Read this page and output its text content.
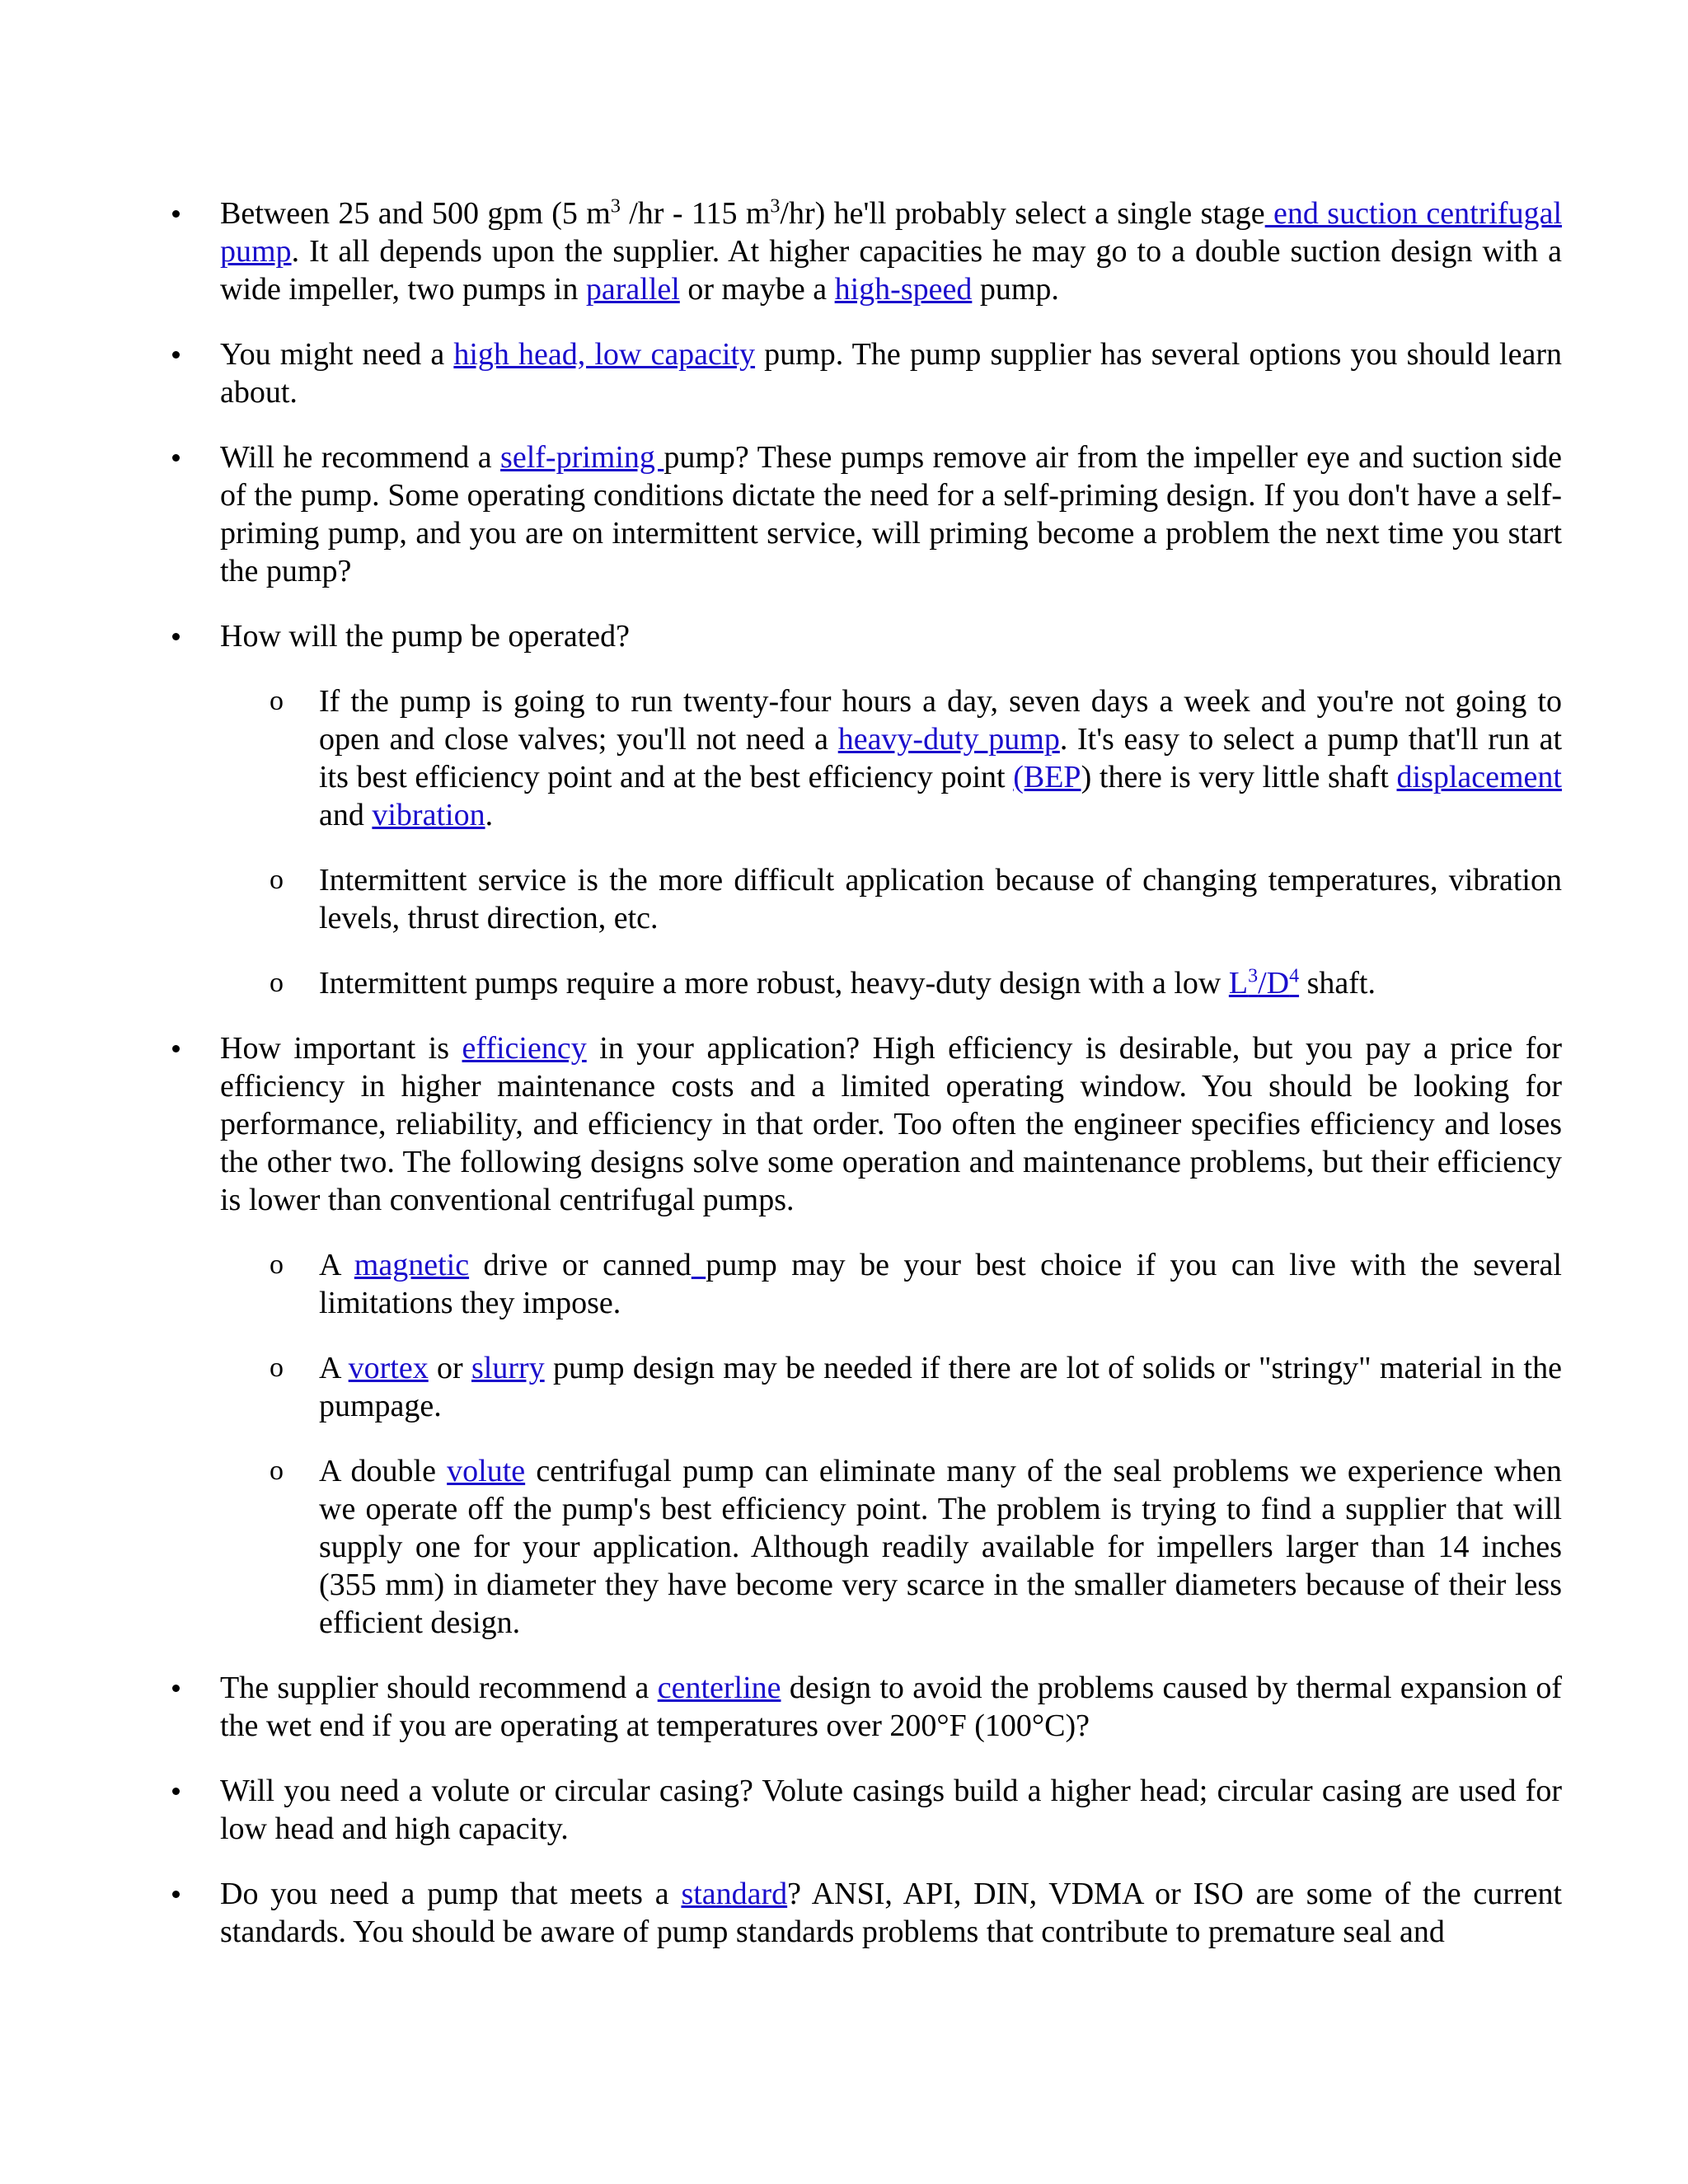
Between 25 and 500 gpm (5 $m^3$ /hr - 115 $m^3/hr$) he'll probably select a single stage end suction centrifugal pump. It all depends upon the supplier. At higher capacities he may go to a double suction design with a wide impeller, two pumps in parallel or maybe a high-speed pump.
You might need a high head, low capacity pump. The pump supplier has several options you should learn about.
Will he recommend a self-priming pump? These pumps remove air from the impeller eye and suction side of the pump. Some operating conditions dictate the need for a self-priming design. If you don't have a self-priming pump, and you are on intermittent service, will priming become a problem the next time you start the pump?
How will the pump be operated?
o If the pump is going to run twenty-four hours a day, seven days a week and you're not going to open and close valves; you'll not need a heavy-duty pump. It's easy to select a pump that'll run at its best efficiency point and at the best efficiency point (BEP) there is very little shaft displacement and vibration.
o Intermittent service is the more difficult application because of changing temperatures, vibration levels, thrust direction, etc.
o Intermittent pumps require a more robust, heavy-duty design with a low L$^3$/D$^4$ shaft.
How important is efficiency in your application? High efficiency is desirable, but you pay a price for efficiency in higher maintenance costs and a limited operating window. You should be looking for performance, reliability, and efficiency in that order. Too often the engineer specifies efficiency and loses the other two. The following designs solve some operation and maintenance problems, but their efficiency is lower than conventional centrifugal pumps.
o A magnetic drive or canned pump may be your best choice if you can live with the several limitations they impose.
o A vortex or slurry pump design may be needed if there are lot of solids or "stringy" material in the pumpage.
o A double volute centrifugal pump can eliminate many of the seal problems we experience when we operate off the pump's best efficiency point. The problem is trying to find a supplier that will supply one for your application. Although readily available for impellers larger than 14 inches (355 mm) in diameter they have become very scarce in the smaller diameters because of their less efficient design.
The supplier should recommend a centerline design to avoid the problems caused by thermal expansion of the wet end if you are operating at temperatures over 200°F (100°C)?
Will you need a volute or circular casing? Volute casings build a higher head; circular casing are used for low head and high capacity.
Do you need a pump that meets a standard? ANSI, API, DIN, VDMA or ISO are some of the current standards. You should be aware of pump standards problems that contribute to premature seal and
